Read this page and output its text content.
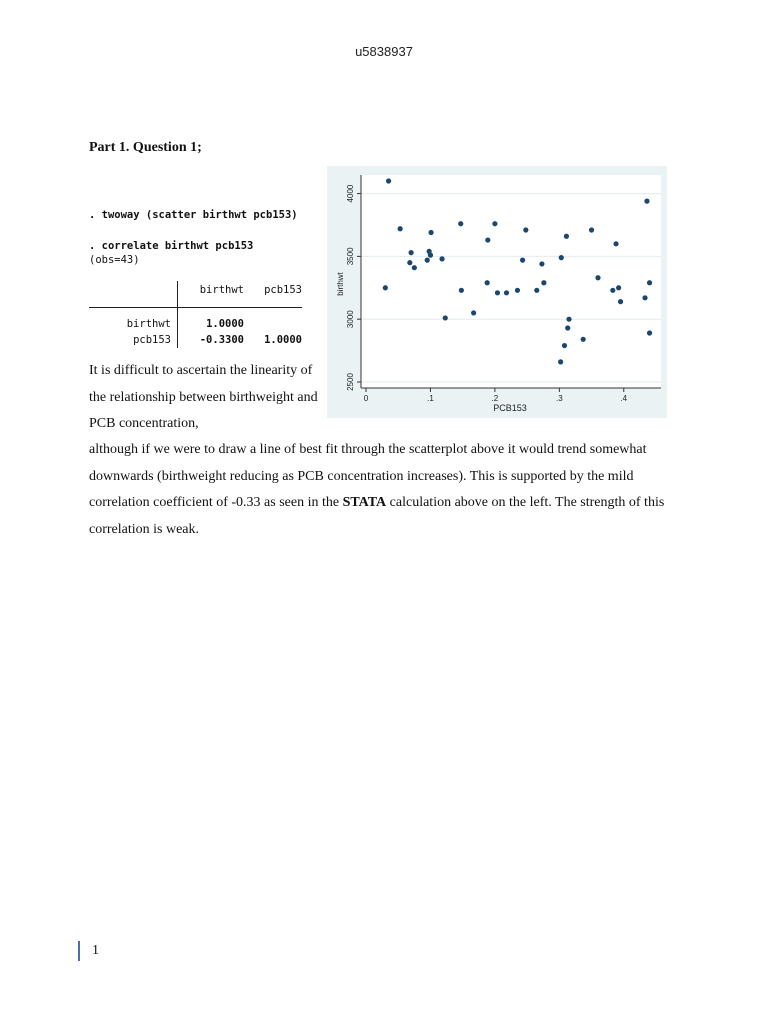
u5838937
Part 1. Question 1;
. twoway (scatter birthwt pcb153)
. correlate birthwt pcb153
(obs=43)
	birthwt	pcb153
birthwt	1.0000	
pcb153	-0.3300	1.0000
2500
3000
3500
4000
0	.1	.2	.3	.4
PCB153
birthwt
It is difficult to ascertain the linearity of the relationship between birthweight and PCB concentration,
although if we were to draw a line of best fit through the scatterplot above it would trend somewhat downwards (birthweight reducing as PCB concentration increases). This is supported by the mild correlation coefficient of -0.33 as seen in the STATA calculation above on the left. The strength of this correlation is weak.
1
